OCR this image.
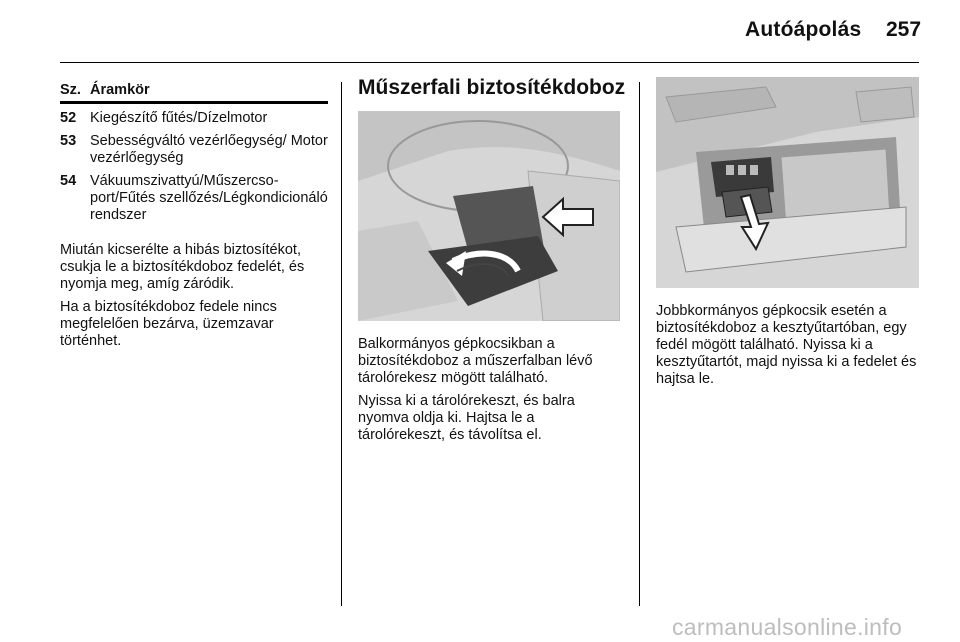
Autóápolás 257
Sz. Áramkör
52 Kiegészítő fűtés/Dízelmotor
53 Sebességváltó vezérlőegység/ Motor vezérlőegység
54 Vákuumszivattyú/Műszercsoport/Fűtés szellőzés/Légkondicionáló rendszer

Miután kicserélte a hibás biztosítékot, csukja le a biztosítékdoboz fedelét, és nyomja meg, amíg záródik.

Ha a biztosítékdoboz fedele nincs megfelelően bezárva, üzemzavar történhet.

Műszerfali biztosítékdoboz

Balkormányos gépkocsikban a biztosítékdoboz a műszerfalban lévő tárolórekesz mögött található.

Nyissa ki a tárolórekeszt, és balra nyomva oldja ki. Hajtsa le a tárolórekeszt, és távolítsa el.

Jobbkormányos gépkocsik esetén a biztosítékdoboz a kesztyűtartóban, egy fedél mögött található. Nyissa ki a kesztyűtartót, majd nyissa ki a fedelet és hajtsa le.

carmanualsonline.info
